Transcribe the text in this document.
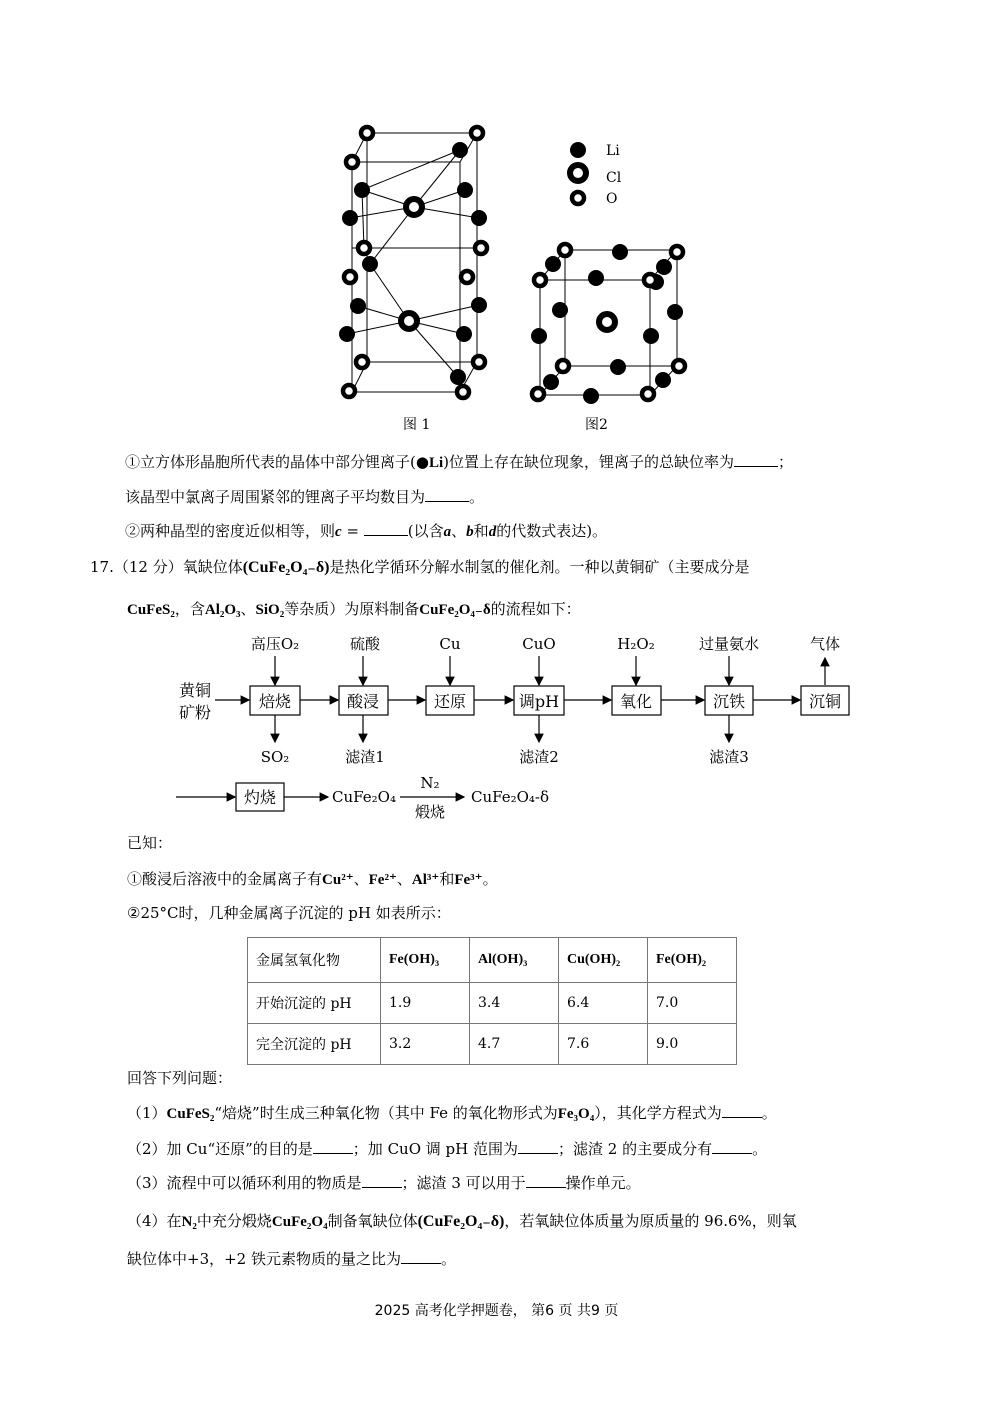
Li
Cl
O
图 1	图2
①立方体形晶胞所代表的晶体中部分锂离子(●Li)位置上存在缺位现象，锂离子的总缺位率为	；
该晶型中氯离子周围紧邻的锂离子平均数目为	。
②两种晶型的密度近似相等，则c =	(以含a、b和d的代数式表达)。
17.（12 分）氧缺位体(CuFe₂O₄₋δ)是热化学循环分解水制氢的催化剂。一种以黄铜矿（主要成分是
CuFeS₂，含Al₂O₃、SiO₂等杂质）为原料制备CuFe₂O₄₋δ的流程如下：
黄铜
矿粉
焙烧	酸浸	还原	调pH	氧化	沉铁	沉铜
灼烧
高压O₂	硫酸	Cu	CuO	H₂O₂	过量氨水	气体
SO₂	滤渣1	滤渣2	滤渣3
CuFe₂O₄
N₂
煅烧
CuFe₂O₄-δ
已知：
①酸浸后溶液中的金属离子有Cu²⁺、Fe²⁺、Al³⁺和Fe³⁺。
②25°C时，几种金属离子沉淀的 pH 如表所示：
金属氢氧化物	Fe(OH)₃	Al(OH)₃	Cu(OH)₂	Fe(OH)₂
开始沉淀的 pH	1.9	3.4	6.4	7.0
完全沉淀的 pH	3.2	4.7	7.6	9.0
回答下列问题：
（1）CuFeS₂“焙烧”时生成三种氧化物（其中 Fe 的氧化物形式为Fe₃O₄），其化学方程式为	。
（2）加 Cu“还原”的目的是	；加 CuO 调 pH 范围为	；滤渣 2 的主要成分有	。
（3）流程中可以循环利用的物质是	；滤渣 3 可以用于	操作单元。
（4）在N₂中充分煅烧CuFe₂O₄制备氧缺位体(CuFe₂O₄₋δ)，若氧缺位体质量为原质量的 96.6%，则氧
缺位体中+3，+2 铁元素物质的量之比为	。
2025 高考化学押题卷， 第6 页 共9 页
